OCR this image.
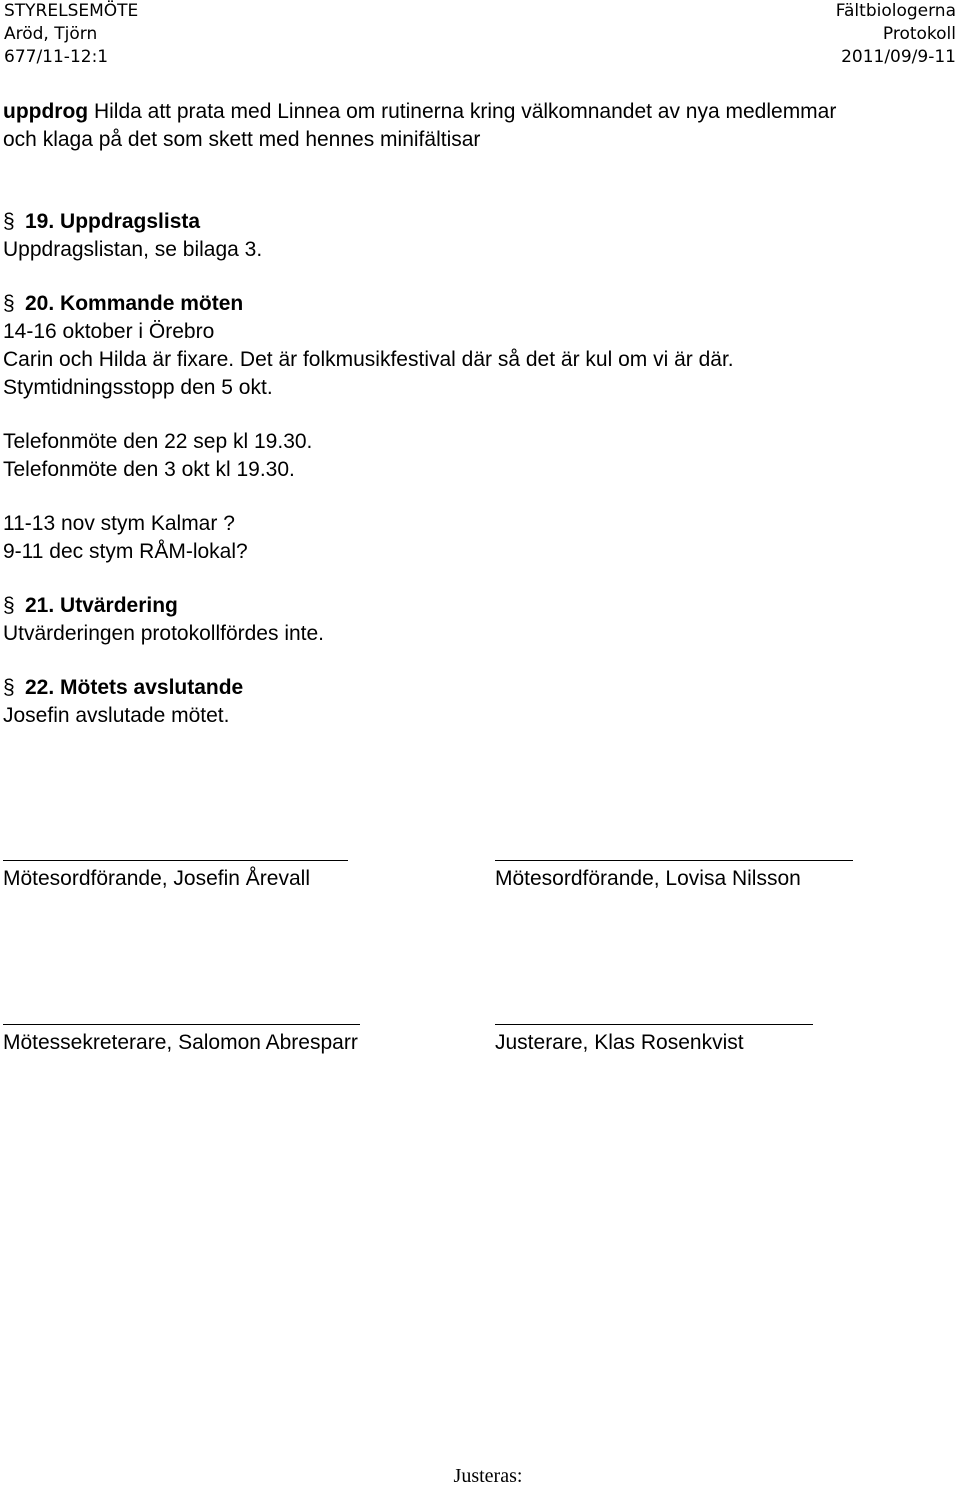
STYRELSEMÖTE	Fältbiologerna
Aröd, Tjörn	Protokoll
677/11-12:1	2011/09/9-11
uppdrog Hilda att prata med Linnea om rutinerna kring välkomnandet av nya medlemmar
och klaga på det som skett med hennes minifältisar
§ 19. Uppdragslista
Uppdragslistan, se bilaga 3.
§ 20. Kommande möten
14-16 oktober i Örebro
Carin och Hilda är fixare. Det är folkmusikfestival där så det är kul om vi är där.
Stymtidningsstopp den 5 okt.
Telefonmöte den 22 sep kl 19.30.
Telefonmöte den 3 okt kl 19.30.
11-13 nov stym Kalmar ?
9-11 dec stym RÅM-lokal?
§ 21. Utvärdering
Utvärderingen protokollfördes inte.
§ 22. Mötets avslutande
Josefin avslutade mötet.
Mötesordförande, Josefin Årevall	Mötesordförande, Lovisa Nilsson
Mötessekreterare, Salomon Abresparr	Justerare, Klas Rosenkvist
Justeras:
